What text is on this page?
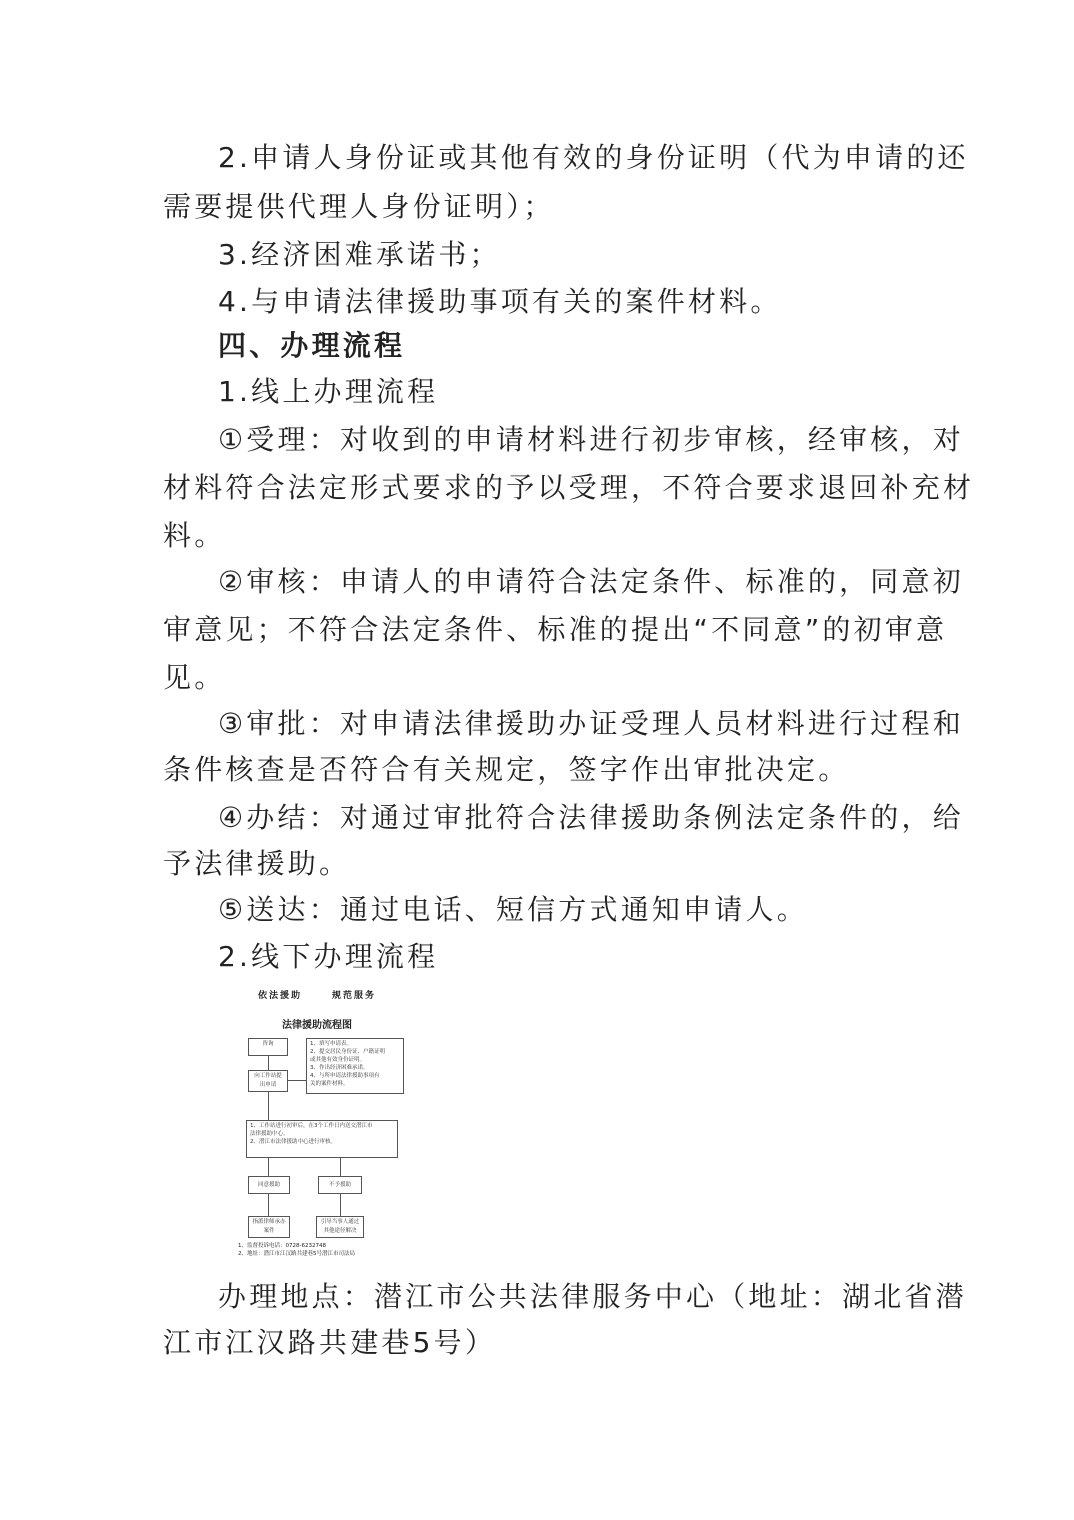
2.申请人身份证或其他有效的身份证明（代为申请的还
需要提供代理人身份证明）；
3.经济困难承诺书；
4.与申请法律援助事项有关的案件材料。
四、办理流程
1.线上办理流程
①受理：对收到的申请材料进行初步审核，经审核，对
材料符合法定形式要求的予以受理，不符合要求退回补充材
料。
②审核：申请人的申请符合法定条件、标准的，同意初
审意见；不符合法定条件、标准的提出“不同意”的初审意
见。
③审批：对申请法律援助办证受理人员材料进行过程和
条件核查是否符合有关规定，签字作出审批决定。
④办结：对通过审批符合法律援助条例法定条件的，给
予法律援助。
⑤送达：通过电话、短信方式通知申请人。
2.线下办理流程
依法援助	规范服务
法律援助流程图
咨询
向工作站提出申请
1、填写申请表。
2、提交居民身份证、户籍证明
或其他有效身份证明。
3、作出经济困难承诺。
4、与所申请法律援助事项有
关的案件材料。
1、工作站进行初审后，在3个工作日内送交潜江市
法律援助中心。
2、潜江市法律援助中心进行审核。
同意援助	不予援助
指派律师承办案件
引导当事人通过其他途径解决
1、监督投诉电话：0728-6232748
2、地址：潜江市江汉路共建巷5号潜江市司法局
办理地点：潜江市公共法律服务中心（地址：湖北省潜
江市江汉路共建巷5号）
